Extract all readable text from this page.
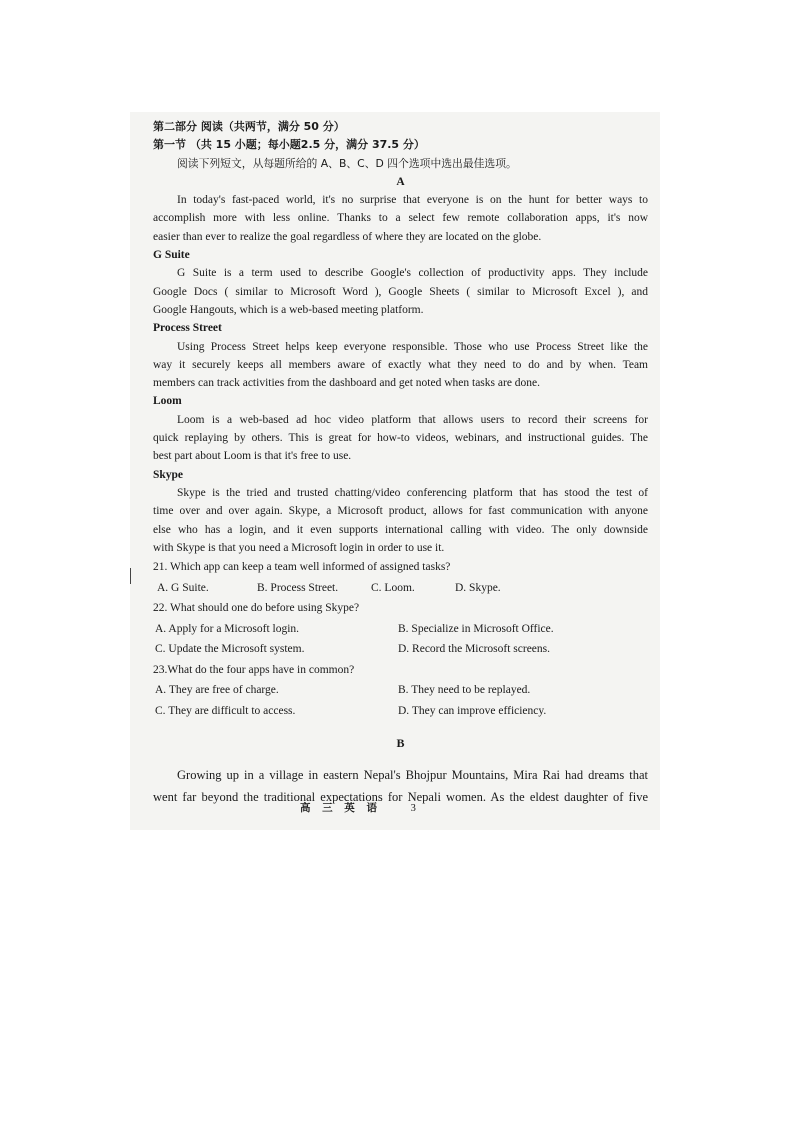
第二部分 阅读（共两节，满分 50 分）

第一节 （共 15 小题；每小题2.5 分，满分 37.5 分）

阅读下列短文，从每题所给的 A、B、C、D 四个选项中选出最佳选项。

A

In today's fast-paced world, it's no surprise that everyone is on the hunt for better ways to

accomplish more with less online. Thanks to a select few remote collaboration apps, it's now

easier than ever to realize the goal regardless of where they are located on the globe.

G Suite

G Suite is a term used to describe Google's collection of productivity apps. They include

Google Docs ( similar to Microsoft Word ), Google Sheets ( similar to Microsoft Excel ), and

Google Hangouts, which is a web-based meeting platform.

Process Street

Using Process Street helps keep everyone responsible. Those who use Process Street like the

way it securely keeps all members aware of exactly what they need to do and by when. Team

members can track activities from the dashboard and get noted when tasks are done.

Loom

Loom is a web-based ad hoc video platform that allows users to record their screens for

quick replaying by others. This is great for how-to videos, webinars, and instructional guides. The

best part about Loom is that it's free to use.

Skype

Skype is the tried and trusted chatting/video conferencing platform that has stood the test of

time over and over again. Skype, a Microsoft product, allows for fast communication with anyone

else who has a login, and it even supports international calling with video. The only downside

with Skype is that you need a Microsoft login in order to use it.

21. Which app can keep a team well informed of assigned tasks?

A. G Suite.	B. Process Street.	C. Loom.	D. Skype.

22. What should one do before using Skype?

A. Apply for a Microsoft login.	B. Specialize in Microsoft Office.
C. Update the Microsoft system.	D. Record the Microsoft screens.

23.What do the four apps have in common?

A. They are free of charge.	B. They need to be replayed.
C. They are difficult to access.	D. They can improve efficiency.

B

Growing up in a village in eastern Nepal's Bhojpur Mountains, Mira Rai had dreams that

went far beyond the traditional expectations for Nepali women. As the eldest daughter of five

高 三 英 语	3
